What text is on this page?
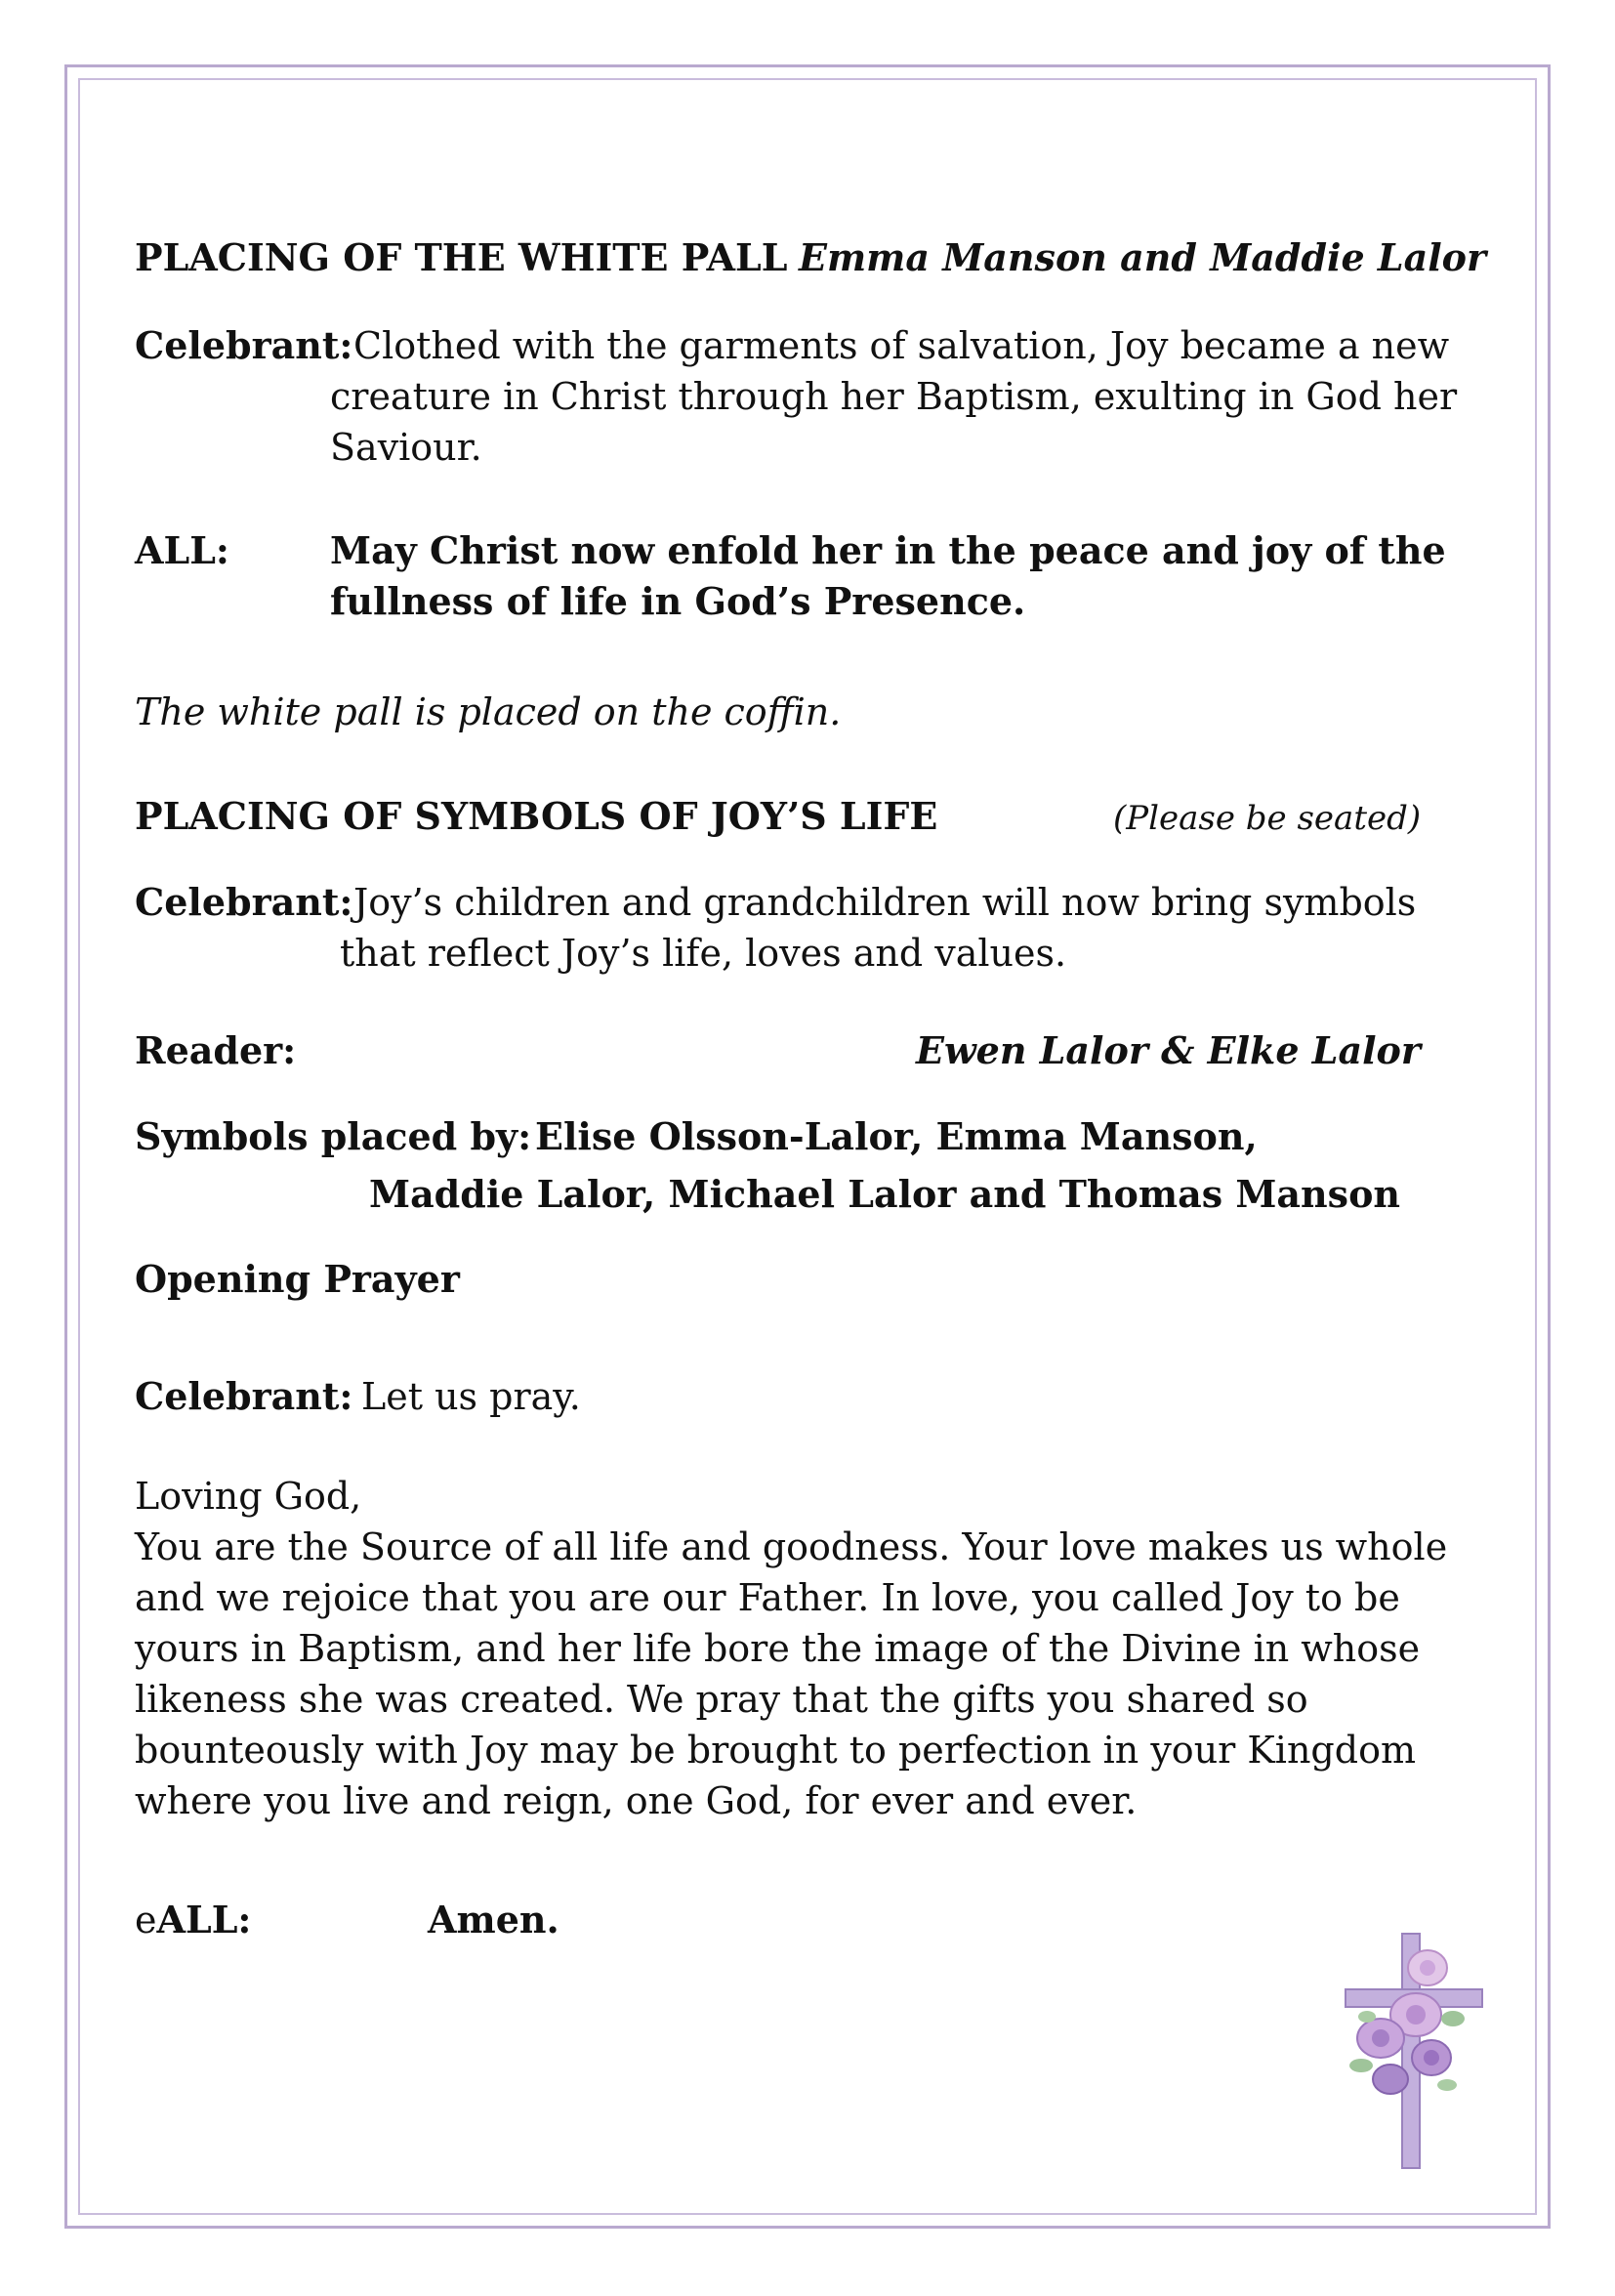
PLACING OF THE WHITE PALL Emma Manson and Maddie Lalor
Celebrant: Clothed with the garments of salvation, Joy became a new
creature in Christ through her Baptism, exulting in God her
Saviour.
ALL:	May Christ now enfold her in the peace and joy of the
fullness of life in God’s Presence.
The white pall is placed on the coffin.
PLACING OF SYMBOLS OF JOY’S LIFE	(Please be seated)
Celebrant: Joy’s children and grandchildren will now bring symbols
that reflect Joy’s life, loves and values.
Reader:	Ewen Lalor & Elke Lalor
Symbols placed by: Elise Olsson-Lalor, Emma Manson,
Maddie Lalor, Michael Lalor and Thomas Manson
Opening Prayer
Celebrant: Let us pray.
Loving God,
You are the Source of all life and goodness. Your love makes us whole
and we rejoice that you are our Father. In love, you called Joy to be
yours in Baptism, and her life bore the image of the Divine in whose
likeness she was created. We pray that the gifts you shared so
bounteously with Joy may be brought to perfection in your Kingdom
where you live and reign, one God, for ever and ever.
eALL:	Amen.
